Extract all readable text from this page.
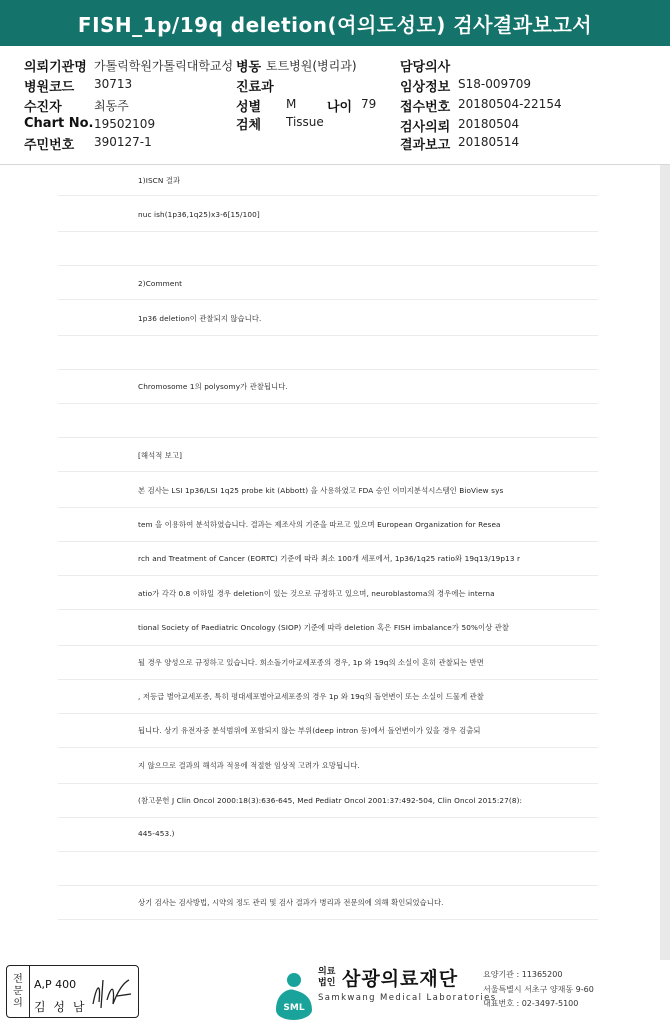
FISH_1p/19q deletion(여의도성모) 검사결과보고서
의뢰기관명 가톨릭학원가톨릭대학교성 병동 토트병원(병리과)	담당의사
병원코드 30713	진료과	임상정보 S18-009709
수진자	최동주	성별 M 나이 79 접수번호 20180504-22154
Chart No. 19502109	검체 Tissue	검사의뢰 20180504
주민번호 390127-1	결과보고 20180514
1)ISCN 결과
nuc ish(1p36,1q25)x3-6[15/100]
2)Comment
1p36 deletion이 관찰되지 않습니다.
Chromosome 1의 polysomy가 관찰됩니다.
[해석적 보고]
본 검사는 LSI 1p36/LSI 1q25 probe kit (Abbott) 을 사용하였고 FDA 승인 이미지분석시스템인 BioView sys
tem 을 이용하여 분석하였습니다. 결과는 제조사의 기준을 따르고 있으며 European Organization for Resea
rch and Treatment of Cancer (EORTC) 기준에 따라 최소 100개 세포에서, 1p36/1q25 ratio와 19q13/19p13 r
atio가 각각 0.8 이하일 경우 deletion이 있는 것으로 규정하고 있으며, neuroblastoma의 경우에는 interna
tional Society of Paediatric Oncology (SIOP) 기준에 따라 deletion 혹은 FISH imbalance가 50%이상 관찰
될 경우 양성으로 규정하고 있습니다. 희소돌기아교세포종의 경우, 1p 와 19q의 소실이 흔히 관찰되는 반면
, 저등급 별아교세포종, 특히 평대세포별아교세포종의 경우 1p 와 19q의 돌연변이 또는 소실이 드물게 관찰
됩니다. 상기 유전자중 분석범위에 포함되지 않는 부위(deep intron 등)에서 돌연변이가 있을 경우 검출되
지 않으므로 결과의 해석과 적용에 적절한 임상적 고려가 요망됩니다.
(참고문헌 J Clin Oncol 2000:18(3):636-645, Med Pediatr Oncol 2001:37:492-504, Clin Oncol 2015:27(8):
445-453.)
상기 검사는 검사방법, 시약의 정도 관리 및 검사 결과가 병리과 전문의에 의해 확인되었습니다.
전
문
의
A,P 400
김 성 남	SML
의료
법인 삼광의료재단
Samkwang Medical Laboratories
요양기관 : 11365200
서울특별시 서초구 양재동 9-60
대표번호 : 02-3497-5100
